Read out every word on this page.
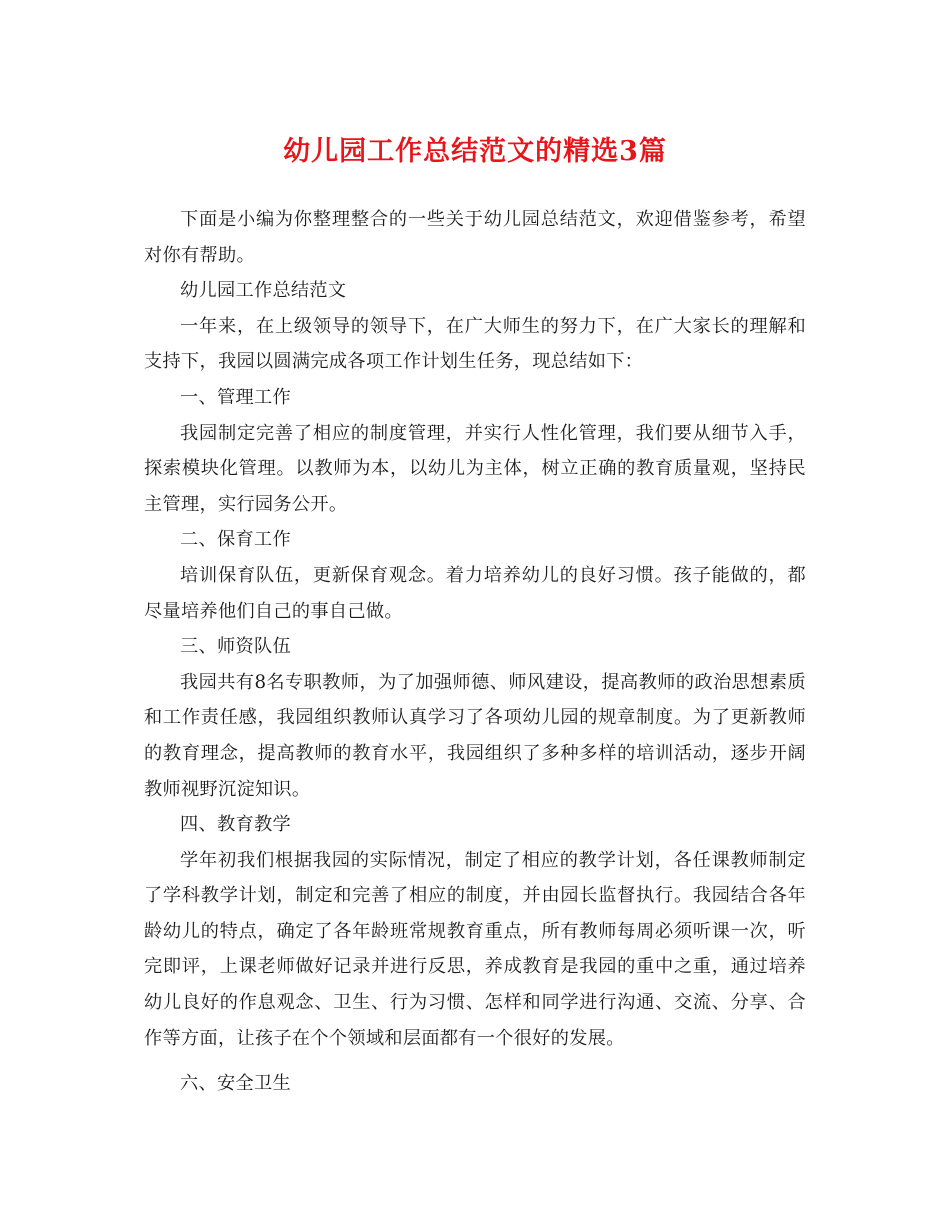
幼儿园工作总结范文的精选3篇

下面是小编为你整理整合的一些关于幼儿园总结范文，欢迎借鉴参考，希望对你有帮助。

幼儿园工作总结范文

一年来，在上级领导的领导下，在广大师生的努力下，在广大家长的理解和支持下，我园以圆满完成各项工作计划生任务，现总结如下：

一、管理工作

我园制定完善了相应的制度管理，并实行人性化管理，我们要从细节入手，探索模块化管理。以教师为本，以幼儿为主体，树立正确的教育质量观，坚持民主管理，实行园务公开。

二、保育工作

培训保育队伍，更新保育观念。着力培养幼儿的良好习惯。孩子能做的，都尽量培养他们自己的事自己做。

三、师资队伍

我园共有8名专职教师，为了加强师德、师风建设，提高教师的政治思想素质和工作责任感，我园组织教师认真学习了各项幼儿园的规章制度。为了更新教师的教育理念，提高教师的教育水平，我园组织了多种多样的培训活动，逐步开阔教师视野沉淀知识。

四、教育教学

学年初我们根据我园的实际情况，制定了相应的教学计划，各任课教师制定了学科教学计划，制定和完善了相应的制度，并由园长监督执行。我园结合各年龄幼儿的特点，确定了各年龄班常规教育重点，所有教师每周必须听课一次，听完即评，上课老师做好记录并进行反思，养成教育是我园的重中之重，通过培养幼儿良好的作息观念、卫生、行为习惯、怎样和同学进行沟通、交流、分享、合作等方面，让孩子在个个领域和层面都有一个很好的发展。

六、安全卫生
